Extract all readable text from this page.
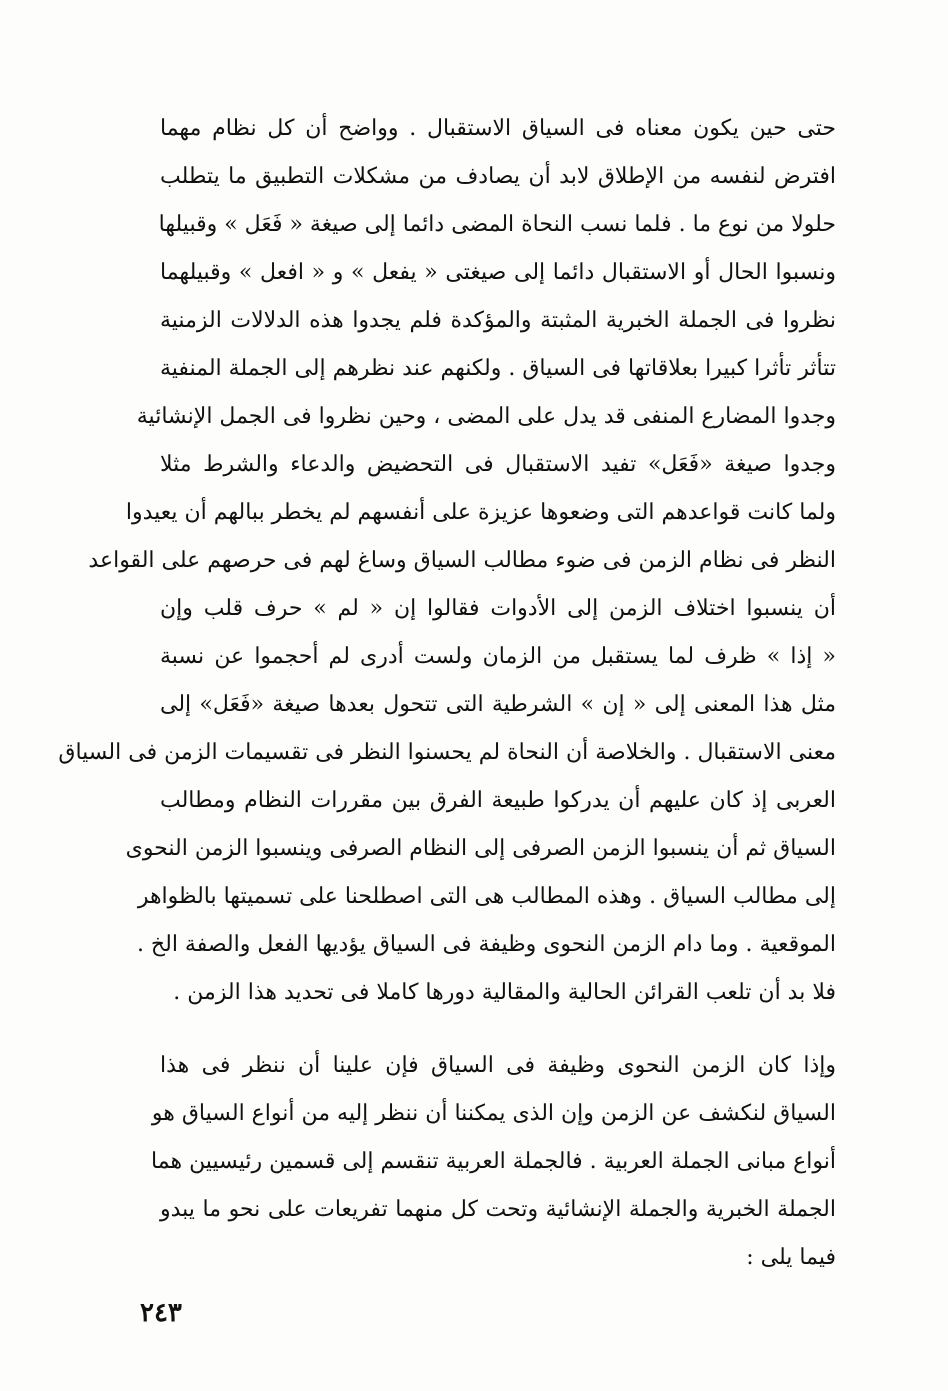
حتى حين يكون معناه فى السياق الاستقبال . وواضح أن كل نظام مهما
افترض لنفسه من الإطلاق لابد أن يصادف من مشكلات التطبيق ما يتطلب
حلولا من نوع ما . فلما نسب النحاة المضى دائما إلى صيغة « فَعَل » وقبيلها
ونسبوا الحال أو الاستقبال دائما إلى صيغتى « يفعل » و « افعل » وقبيلهما
نظروا فى الجملة الخبرية المثبتة والمؤكدة فلم يجدوا هذه الدلالات الزمنية
تتأثر تأثرا كبيرا بعلاقاتها فى السياق . ولكنهم عند نظرهم إلى الجملة المنفية
وجدوا المضارع المنفى قد يدل على المضى ، وحين نظروا فى الجمل الإنشائية
وجدوا صيغة «فَعَل» تفيد الاستقبال فى التحضيض والدعاء والشرط مثلا
ولما كانت قواعدهم التى وضعوها عزيزة على أنفسهم لم يخطر ببالهم أن يعيدوا
النظر فى نظام الزمن فى ضوء مطالب السياق وساغ لهم فى حرصهم على القواعد
أن ينسبوا اختلاف الزمن إلى الأدوات فقالوا إن « لم » حرف قلب وإن
« إذا » ظرف لما يستقبل من الزمان ولست أدرى لم أحجموا عن نسبة
مثل هذا المعنى إلى « إن » الشرطية التى تتحول بعدها صيغة «فَعَل» إلى
معنى الاستقبال . والخلاصة أن النحاة لم يحسنوا النظر فى تقسيمات الزمن فى السياق
العربى إذ كان عليهم أن يدركوا طبيعة الفرق بين مقررات النظام ومطالب
السياق ثم أن ينسبوا الزمن الصرفى إلى النظام الصرفى وينسبوا الزمن النحوى
إلى مطالب السياق . وهذه المطالب هى التى اصطلحنا على تسميتها بالظواهر
الموقعية . وما دام الزمن النحوى وظيفة فى السياق يؤديها الفعل والصفة الخ .
فلا بد أن تلعب القرائن الحالية والمقالية دورها كاملا فى تحديد هذا الزمن .
وإذا كان الزمن النحوى وظيفة فى السياق فإن علينا أن ننظر فى هذا
السياق لنكشف عن الزمن وإن الذى يمكننا أن ننظر إليه من أنواع السياق هو
أنواع مبانى الجملة العربية . فالجملة العربية تنقسم إلى قسمين رئيسيين هما
الجملة الخبرية والجملة الإنشائية وتحت كل منهما تفريعات على نحو ما يبدو
فيما يلى :
٢٤٣
